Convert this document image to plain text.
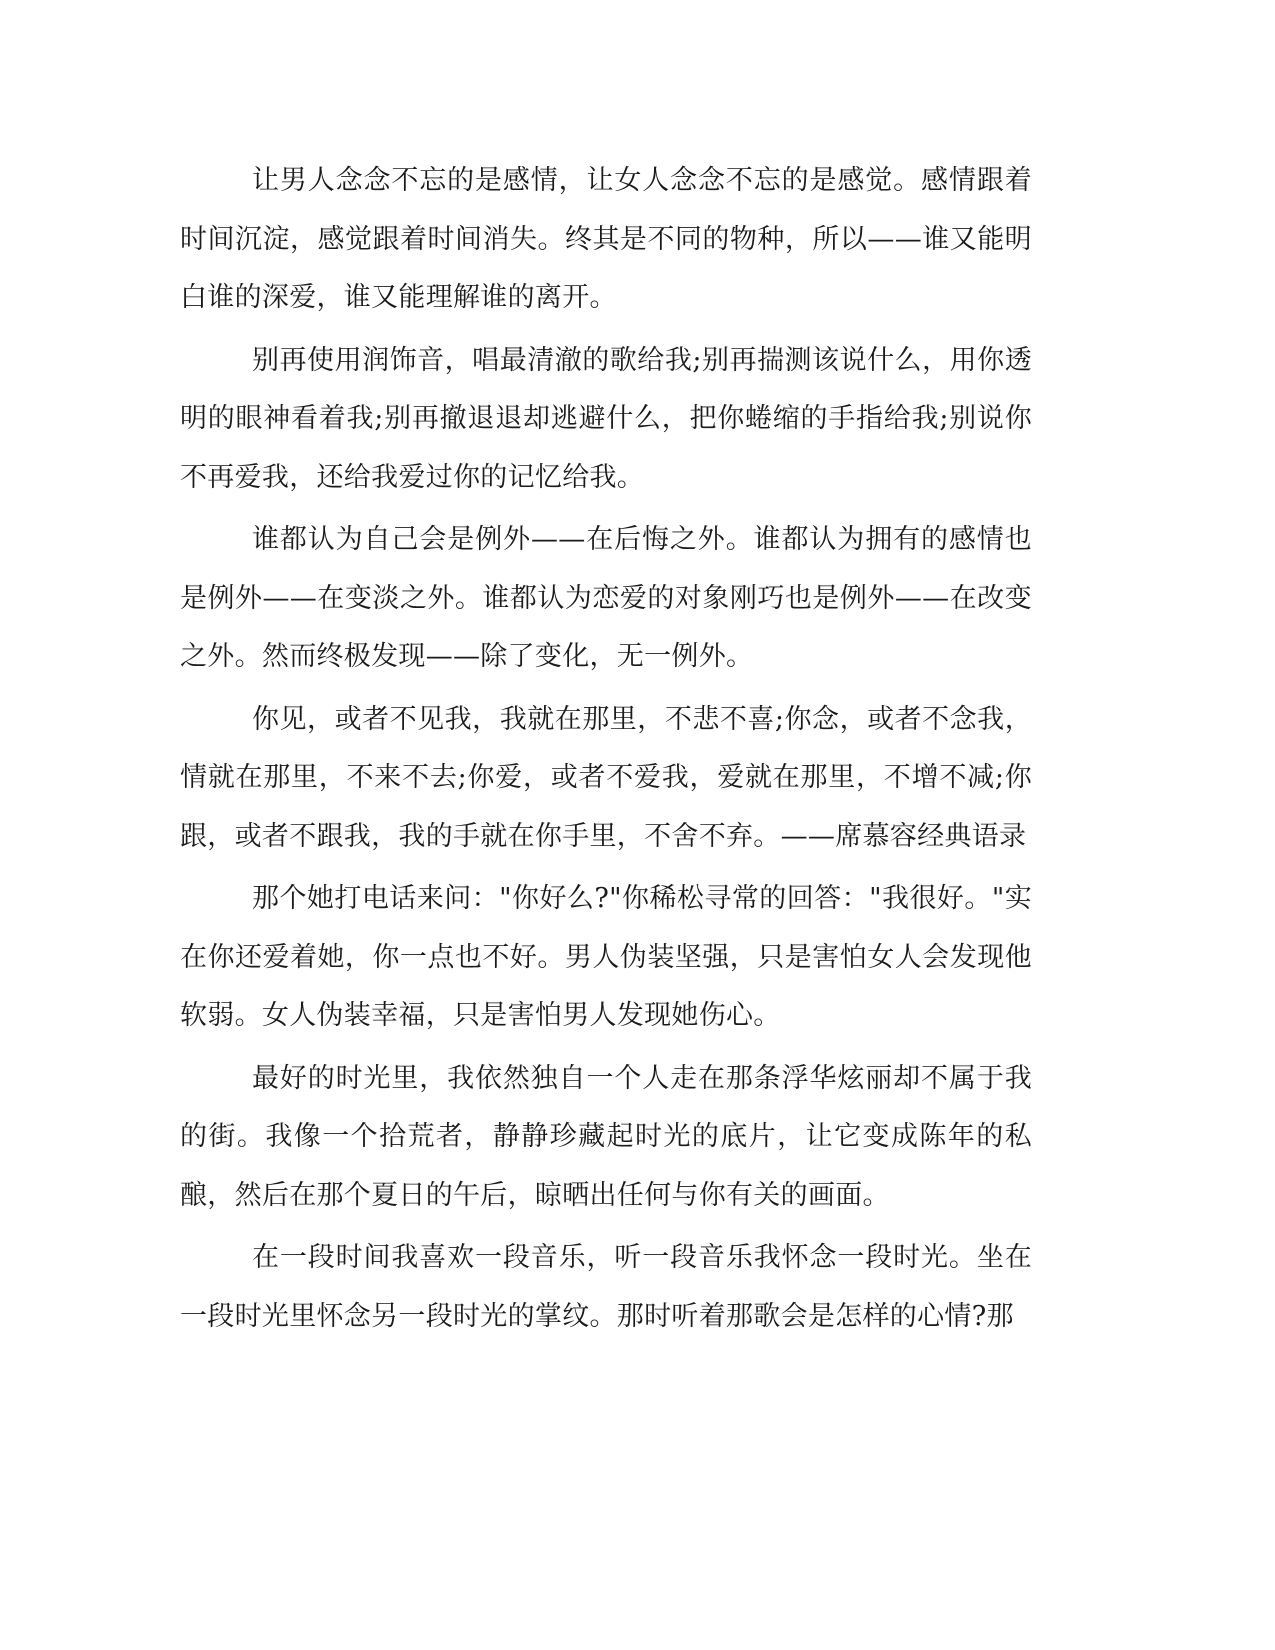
让男人念念不忘的是感情，让女人念念不忘的是感觉。感情跟着时间沉淀，感觉跟着时间消失。终其是不同的物种，所以——谁又能明白谁的深爱，谁又能理解谁的离开。

别再使用润饰音，唱最清澈的歌给我;别再揣测该说什么，用你透明的眼神看着我;别再撤退退却逃避什么，把你蜷缩的手指给我;别说你不再爱我，还给我爱过你的记忆给我。

谁都认为自己会是例外——在后悔之外。谁都认为拥有的感情也是例外——在变淡之外。谁都认为恋爱的对象刚巧也是例外——在改变之外。然而终极发现——除了变化，无一例外。

你见，或者不见我，我就在那里，不悲不喜;你念，或者不念我，情就在那里，不来不去;你爱，或者不爱我，爱就在那里，不增不减;你跟，或者不跟我，我的手就在你手里，不舍不弃。——席慕容经典语录

那个她打电话来问："你好么?"你稀松寻常的回答："我很好。"实在你还爱着她，你一点也不好。男人伪装坚强，只是害怕女人会发现他软弱。女人伪装幸福，只是害怕男人发现她伤心。

最好的时光里，我依然独自一个人走在那条浮华炫丽却不属于我的街。我像一个拾荒者，静静珍藏起时光的底片，让它变成陈年的私酿，然后在那个夏日的午后，晾晒出任何与你有关的画面。

在一段时间我喜欢一段音乐，听一段音乐我怀念一段时光。坐在一段时光里怀念另一段时光的掌纹。那时听着那歌会是怎样的心情?那
